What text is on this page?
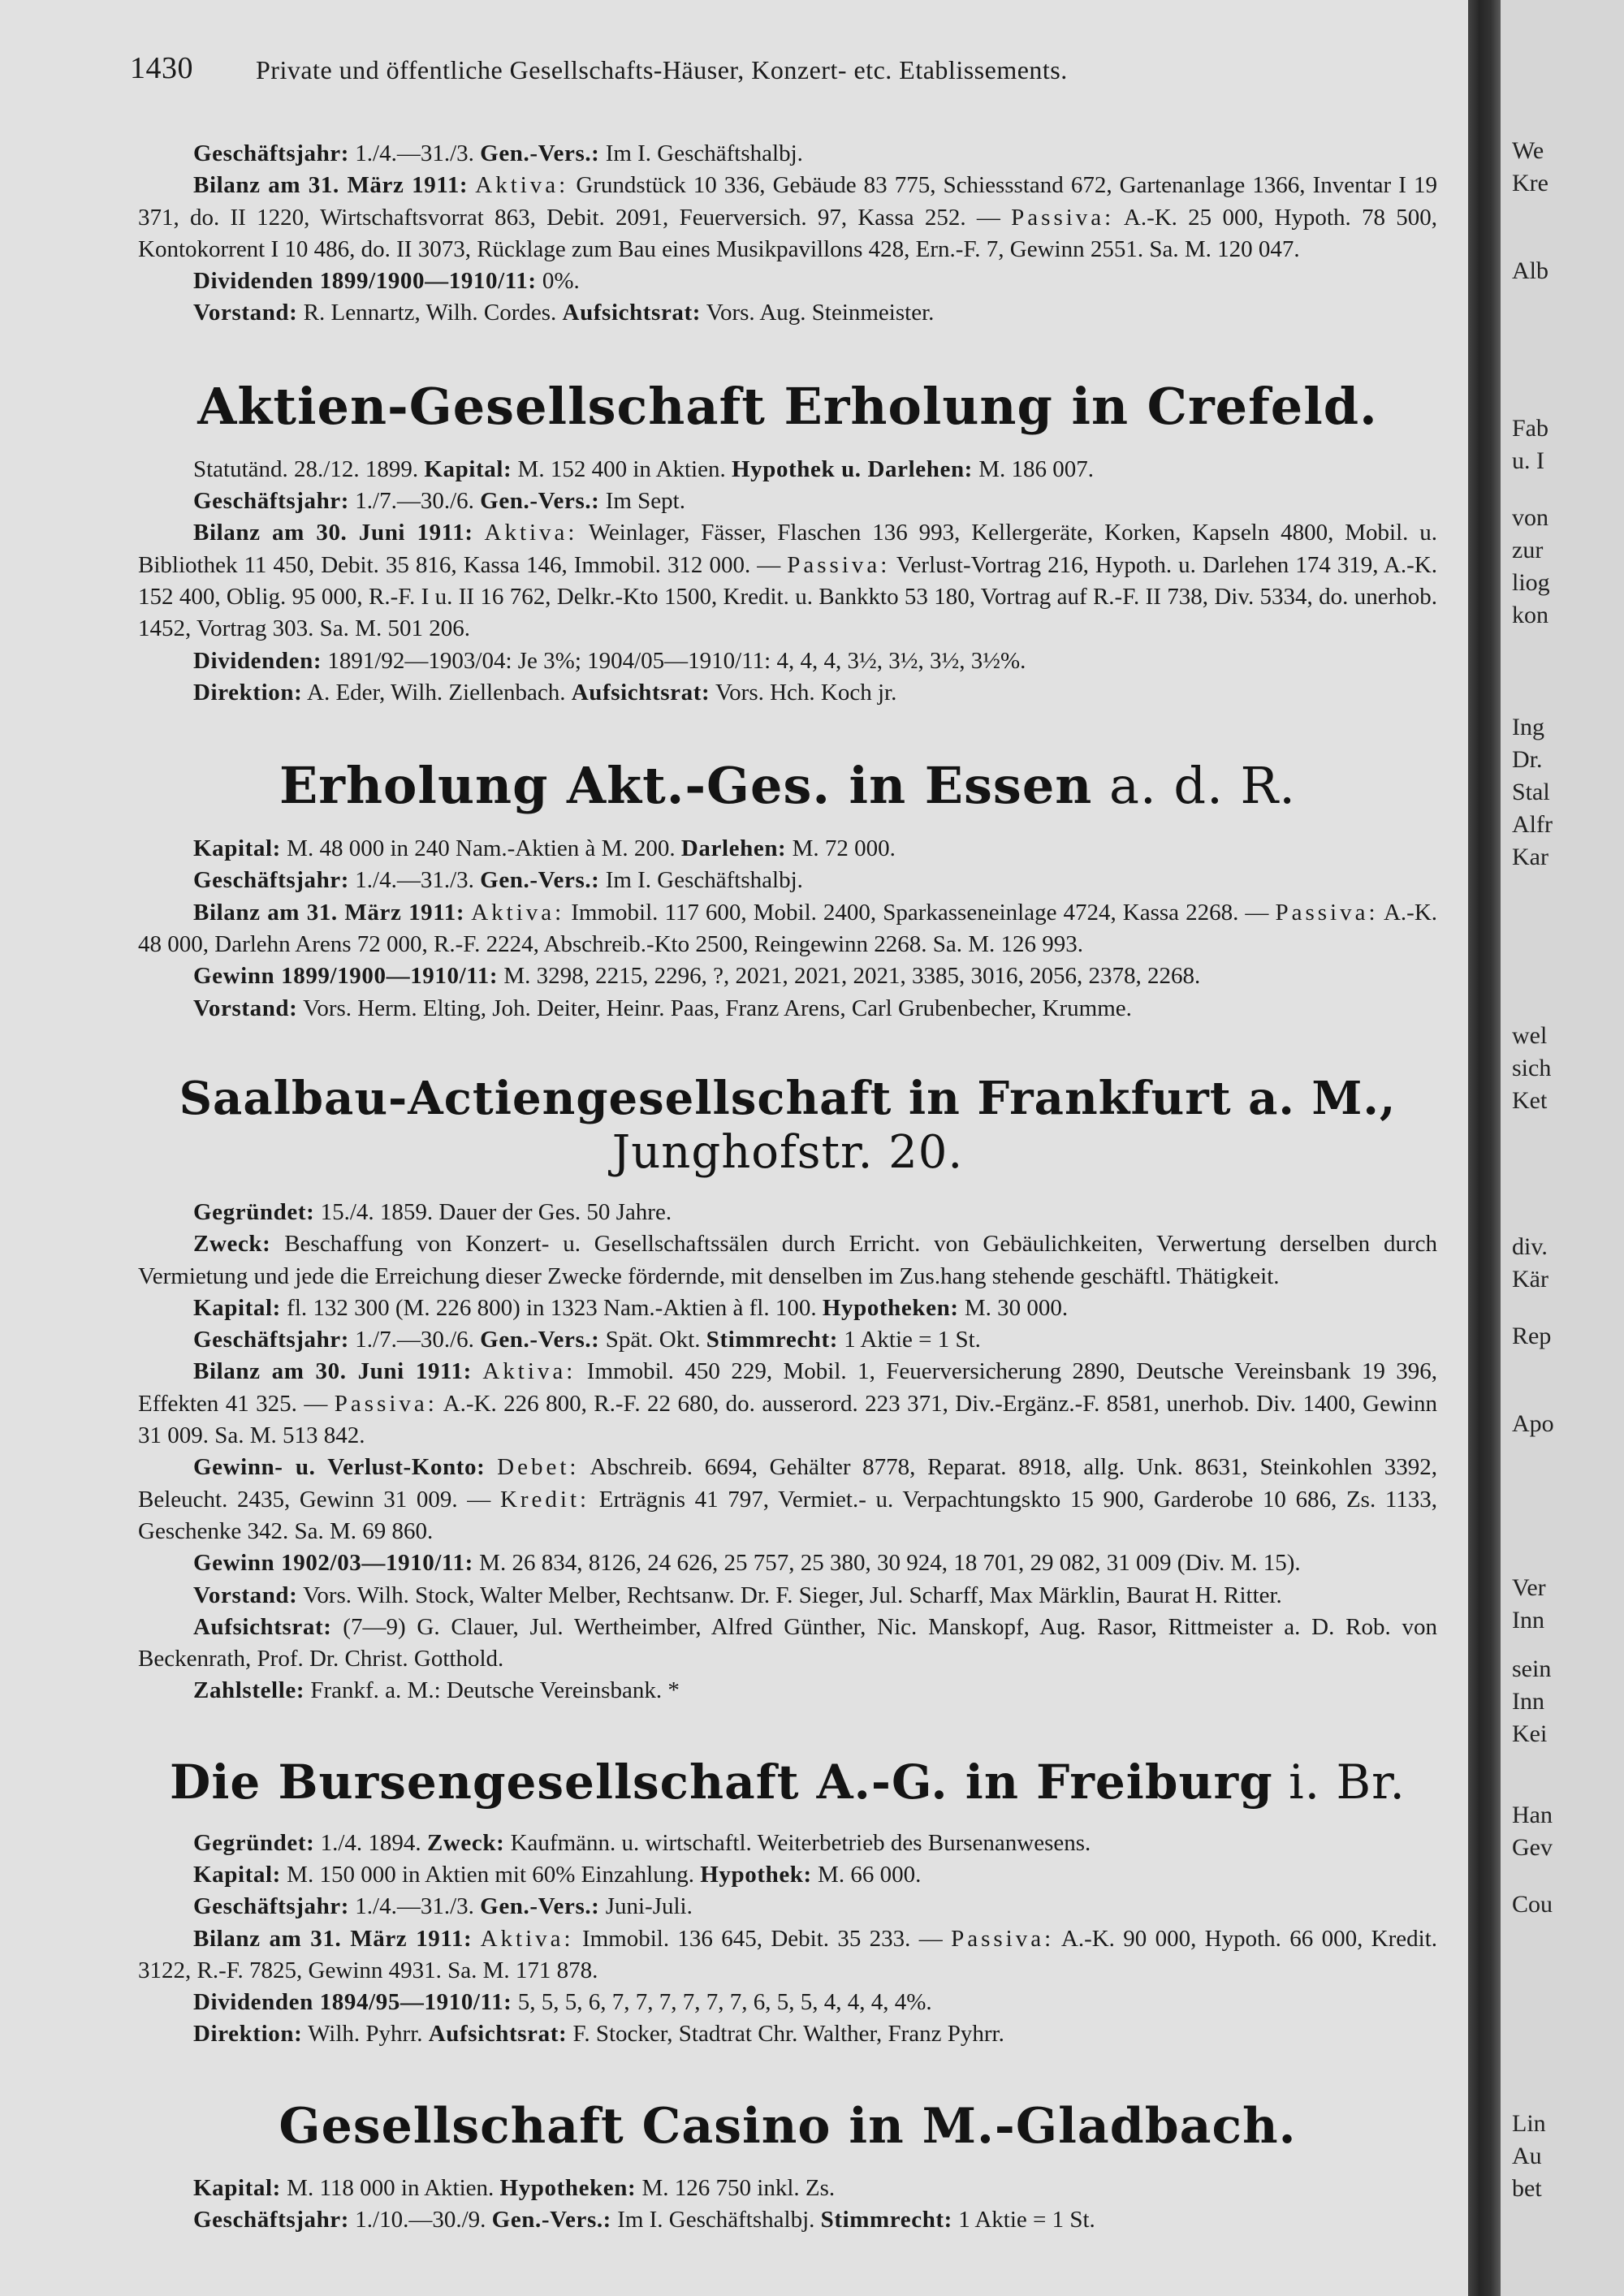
1430 Private und öffentliche Gesellschafts-Häuser, Konzert- etc. Etablissements.

Geschäftsjahr: 1./4.—31./3. Gen.-Vers.: Im I. Geschäftshalbj.

Bilanz am 31. März 1911: Aktiva: Grundstück 10 336, Gebäude 83 775, Schiessstand 672, Gartenanlage 1366, Inventar I 19 371, do. II 1220, Wirtschaftsvorrat 863, Debit. 2091, Feuerversich. 97, Kassa 252. — Passiva: A.-K. 25 000, Hypoth. 78 500, Kontokorrent I 10 486, do. II 3073, Rücklage zum Bau eines Musikpavillons 428, Ern.-F. 7, Gewinn 2551. Sa. M. 120 047.

Dividenden 1899/1900—1910/11: 0%.

Vorstand: R. Lennartz, Wilh. Cordes. Aufsichtsrat: Vors. Aug. Steinmeister.

Aktien-Gesellschaft Erholung in Crefeld.

Statutänd. 28./12. 1899. Kapital: M. 152 400 in Aktien. Hypothek u. Darlehen: M. 186 007.

Geschäftsjahr: 1./7.—30./6. Gen.-Vers.: Im Sept.

Bilanz am 30. Juni 1911: Aktiva: Weinlager, Fässer, Flaschen 136 993, Kellergeräte, Korken, Kapseln 4800, Mobil. u. Bibliothek 11 450, Debit. 35 816, Kassa 146, Immobil. 312 000. — Passiva: Verlust-Vortrag 216, Hypoth. u. Darlehen 174 319, A.-K. 152 400, Oblig. 95 000, R.-F. I u. II 16 762, Delkr.-Kto 1500, Kredit. u. Bankkto 53 180, Vortrag auf R.-F. II 738, Div. 5334, do. unerhob. 1452, Vortrag 303. Sa. M. 501 206.

Dividenden: 1891/92—1903/04: Je 3%; 1904/05—1910/11: 4, 4, 4, 3½, 3½, 3½, 3½%.

Direktion: A. Eder, Wilh. Ziellenbach. Aufsichtsrat: Vors. Hch. Koch jr.

Erholung Akt.-Ges. in Essen a. d. R.

Kapital: M. 48 000 in 240 Nam.-Aktien à M. 200. Darlehen: M. 72 000.

Geschäftsjahr: 1./4.—31./3. Gen.-Vers.: Im I. Geschäftshalbj.

Bilanz am 31. März 1911: Aktiva: Immobil. 117 600, Mobil. 2400, Sparkasseneinlage 4724, Kassa 2268. — Passiva: A.-K. 48 000, Darlehn Arens 72 000, R.-F. 2224, Abschreib.-Kto 2500, Reingewinn 2268. Sa. M. 126 993.

Gewinn 1899/1900—1910/11: M. 3298, 2215, 2296, ?, 2021, 2021, 2021, 3385, 3016, 2056, 2378, 2268.

Vorstand: Vors. Herm. Elting, Joh. Deiter, Heinr. Paas, Franz Arens, Carl Grubenbecher, Krumme.

Saalbau-Actiengesellschaft in Frankfurt a. M., Junghofstr. 20.

Gegründet: 15./4. 1859. Dauer der Ges. 50 Jahre.

Zweck: Beschaffung von Konzert- u. Gesellschaftssälen durch Erricht. von Gebäulichkeiten, Verwertung derselben durch Vermietung und jede die Erreichung dieser Zwecke fördernde, mit denselben im Zus.hang stehende geschäftl. Thätigkeit.

Kapital: fl. 132 300 (M. 226 800) in 1323 Nam.-Aktien à fl. 100. Hypotheken: M. 30 000.

Geschäftsjahr: 1./7.—30./6. Gen.-Vers.: Spät. Okt. Stimmrecht: 1 Aktie = 1 St.

Bilanz am 30. Juni 1911: Aktiva: Immobil. 450 229, Mobil. 1, Feuerversicherung 2890, Deutsche Vereinsbank 19 396, Effekten 41 325. — Passiva: A.-K. 226 800, R.-F. 22 680, do. ausserord. 223 371, Div.-Ergänz.-F. 8581, unerhob. Div. 1400, Gewinn 31 009. Sa. M. 513 842.

Gewinn- u. Verlust-Konto: Debet: Abschreib. 6694, Gehälter 8778, Reparat. 8918, allg. Unk. 8631, Steinkohlen 3392, Beleucht. 2435, Gewinn 31 009. — Kredit: Erträgnis 41 797, Vermiet.- u. Verpachtungskto 15 900, Garderobe 10 686, Zs. 1133, Geschenke 342. Sa. M. 69 860.

Gewinn 1902/03—1910/11: M. 26 834, 8126, 24 626, 25 757, 25 380, 30 924, 18 701, 29 082, 31 009 (Div. M. 15).

Vorstand: Vors. Wilh. Stock, Walter Melber, Rechtsanw. Dr. F. Sieger, Jul. Scharff, Max Märklin, Baurat H. Ritter.

Aufsichtsrat: (7—9) G. Clauer, Jul. Wertheimber, Alfred Günther, Nic. Manskopf, Aug. Rasor, Rittmeister a. D. Rob. von Beckenrath, Prof. Dr. Christ. Gotthold.

Zahlstelle: Frankf. a. M.: Deutsche Vereinsbank. *

Die Bursengesellschaft A.-G. in Freiburg i. Br.

Gegründet: 1./4. 1894. Zweck: Kaufmänn. u. wirtschaftl. Weiterbetrieb des Bursenanwesens.

Kapital: M. 150 000 in Aktien mit 60% Einzahlung. Hypothek: M. 66 000.

Geschäftsjahr: 1./4.—31./3. Gen.-Vers.: Juni-Juli.

Bilanz am 31. März 1911: Aktiva: Immobil. 136 645, Debit. 35 233. — Passiva: A.-K. 90 000, Hypoth. 66 000, Kredit. 3122, R.-F. 7825, Gewinn 4931. Sa. M. 171 878.

Dividenden 1894/95—1910/11: 5, 5, 5, 6, 7, 7, 7, 7, 7, 7, 6, 5, 5, 4, 4, 4, 4%.

Direktion: Wilh. Pyhrr. Aufsichtsrat: F. Stocker, Stadtrat Chr. Walther, Franz Pyhrr.

Gesellschaft Casino in M.-Gladbach.

Kapital: M. 118 000 in Aktien. Hypotheken: M. 126 750 inkl. Zs.

Geschäftsjahr: 1./10.—30./9. Gen.-Vers.: Im I. Geschäftshalbj. Stimmrecht: 1 Aktie = 1 St.

We
Kre
Alb
Fab
u. I
von
zur
liog
kon
Ing
Dr.
Stal
Alfr
Kar
wel
sich
Ket
div.
Kär
Rep
Apo
Ver
Inn
sein
Inn
Kei
Han
Gev
Cou
Lin
Au
bet
